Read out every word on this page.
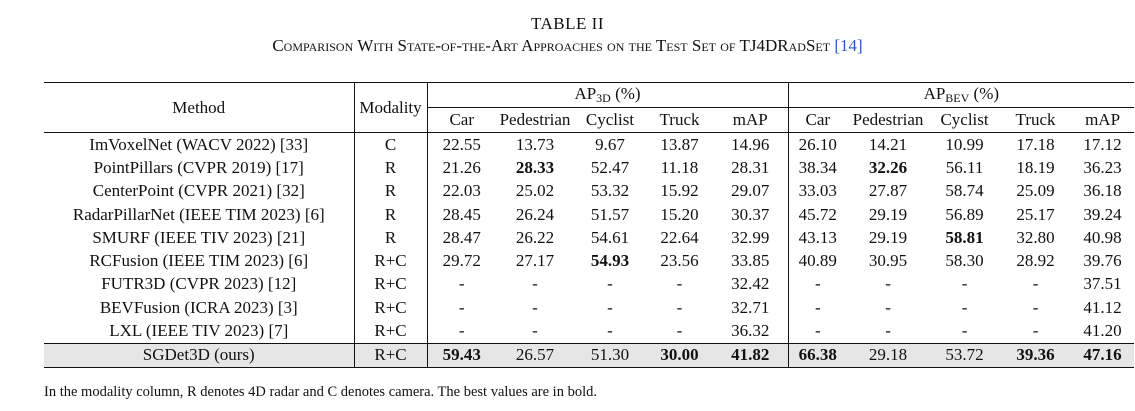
TABLE II
Comparison With State-of-the-Art Approaches on the Test Set of TJ4DRadSet [14]
Method	Modality	$AP_{3D}$ (%)					$AP_{BEV}$ (%)				
		Car	Pedestrian	Cyclist	Truck	mAP	Car	Pedestrian	Cyclist	Truck	mAP
ImVoxelNet (WACV 2022) [33]	C	22.55	13.73	9.67	13.87	14.96	26.10	14.21	10.99	17.18	17.12
PointPillars (CVPR 2019) [17]	R	21.26	28.33	52.47	11.18	28.31	38.34	32.26	56.11	18.19	36.23
CenterPoint (CVPR 2021) [32]	R	22.03	25.02	53.32	15.92	29.07	33.03	27.87	58.74	25.09	36.18
RadarPillarNet (IEEE TIM 2023) [6]	R	28.45	26.24	51.57	15.20	30.37	45.72	29.19	56.89	25.17	39.24
SMURF (IEEE TIV 2023) [21]	R	28.47	26.22	54.61	22.64	32.99	43.13	29.19	58.81	32.80	40.98
RCFusion (IEEE TIM 2023) [6]	R+C	29.72	27.17	54.93	23.56	33.85	40.89	30.95	58.30	28.92	39.76
FUTR3D (CVPR 2023) [12]	R+C	-	-	-	-	32.42	-	-	-	-	37.51
BEVFusion (ICRA 2023) [3]	R+C	-	-	-	-	32.71	-	-	-	-	41.12
LXL (IEEE TIV 2023) [7]	R+C	-	-	-	-	36.32	-	-	-	-	41.20
SGDet3D (ours)	R+C	59.43	26.57	51.30	30.00	41.82	66.38	29.18	53.72	39.36	47.16
In the modality column, R denotes 4D radar and C denotes camera. The best values are in bold.
